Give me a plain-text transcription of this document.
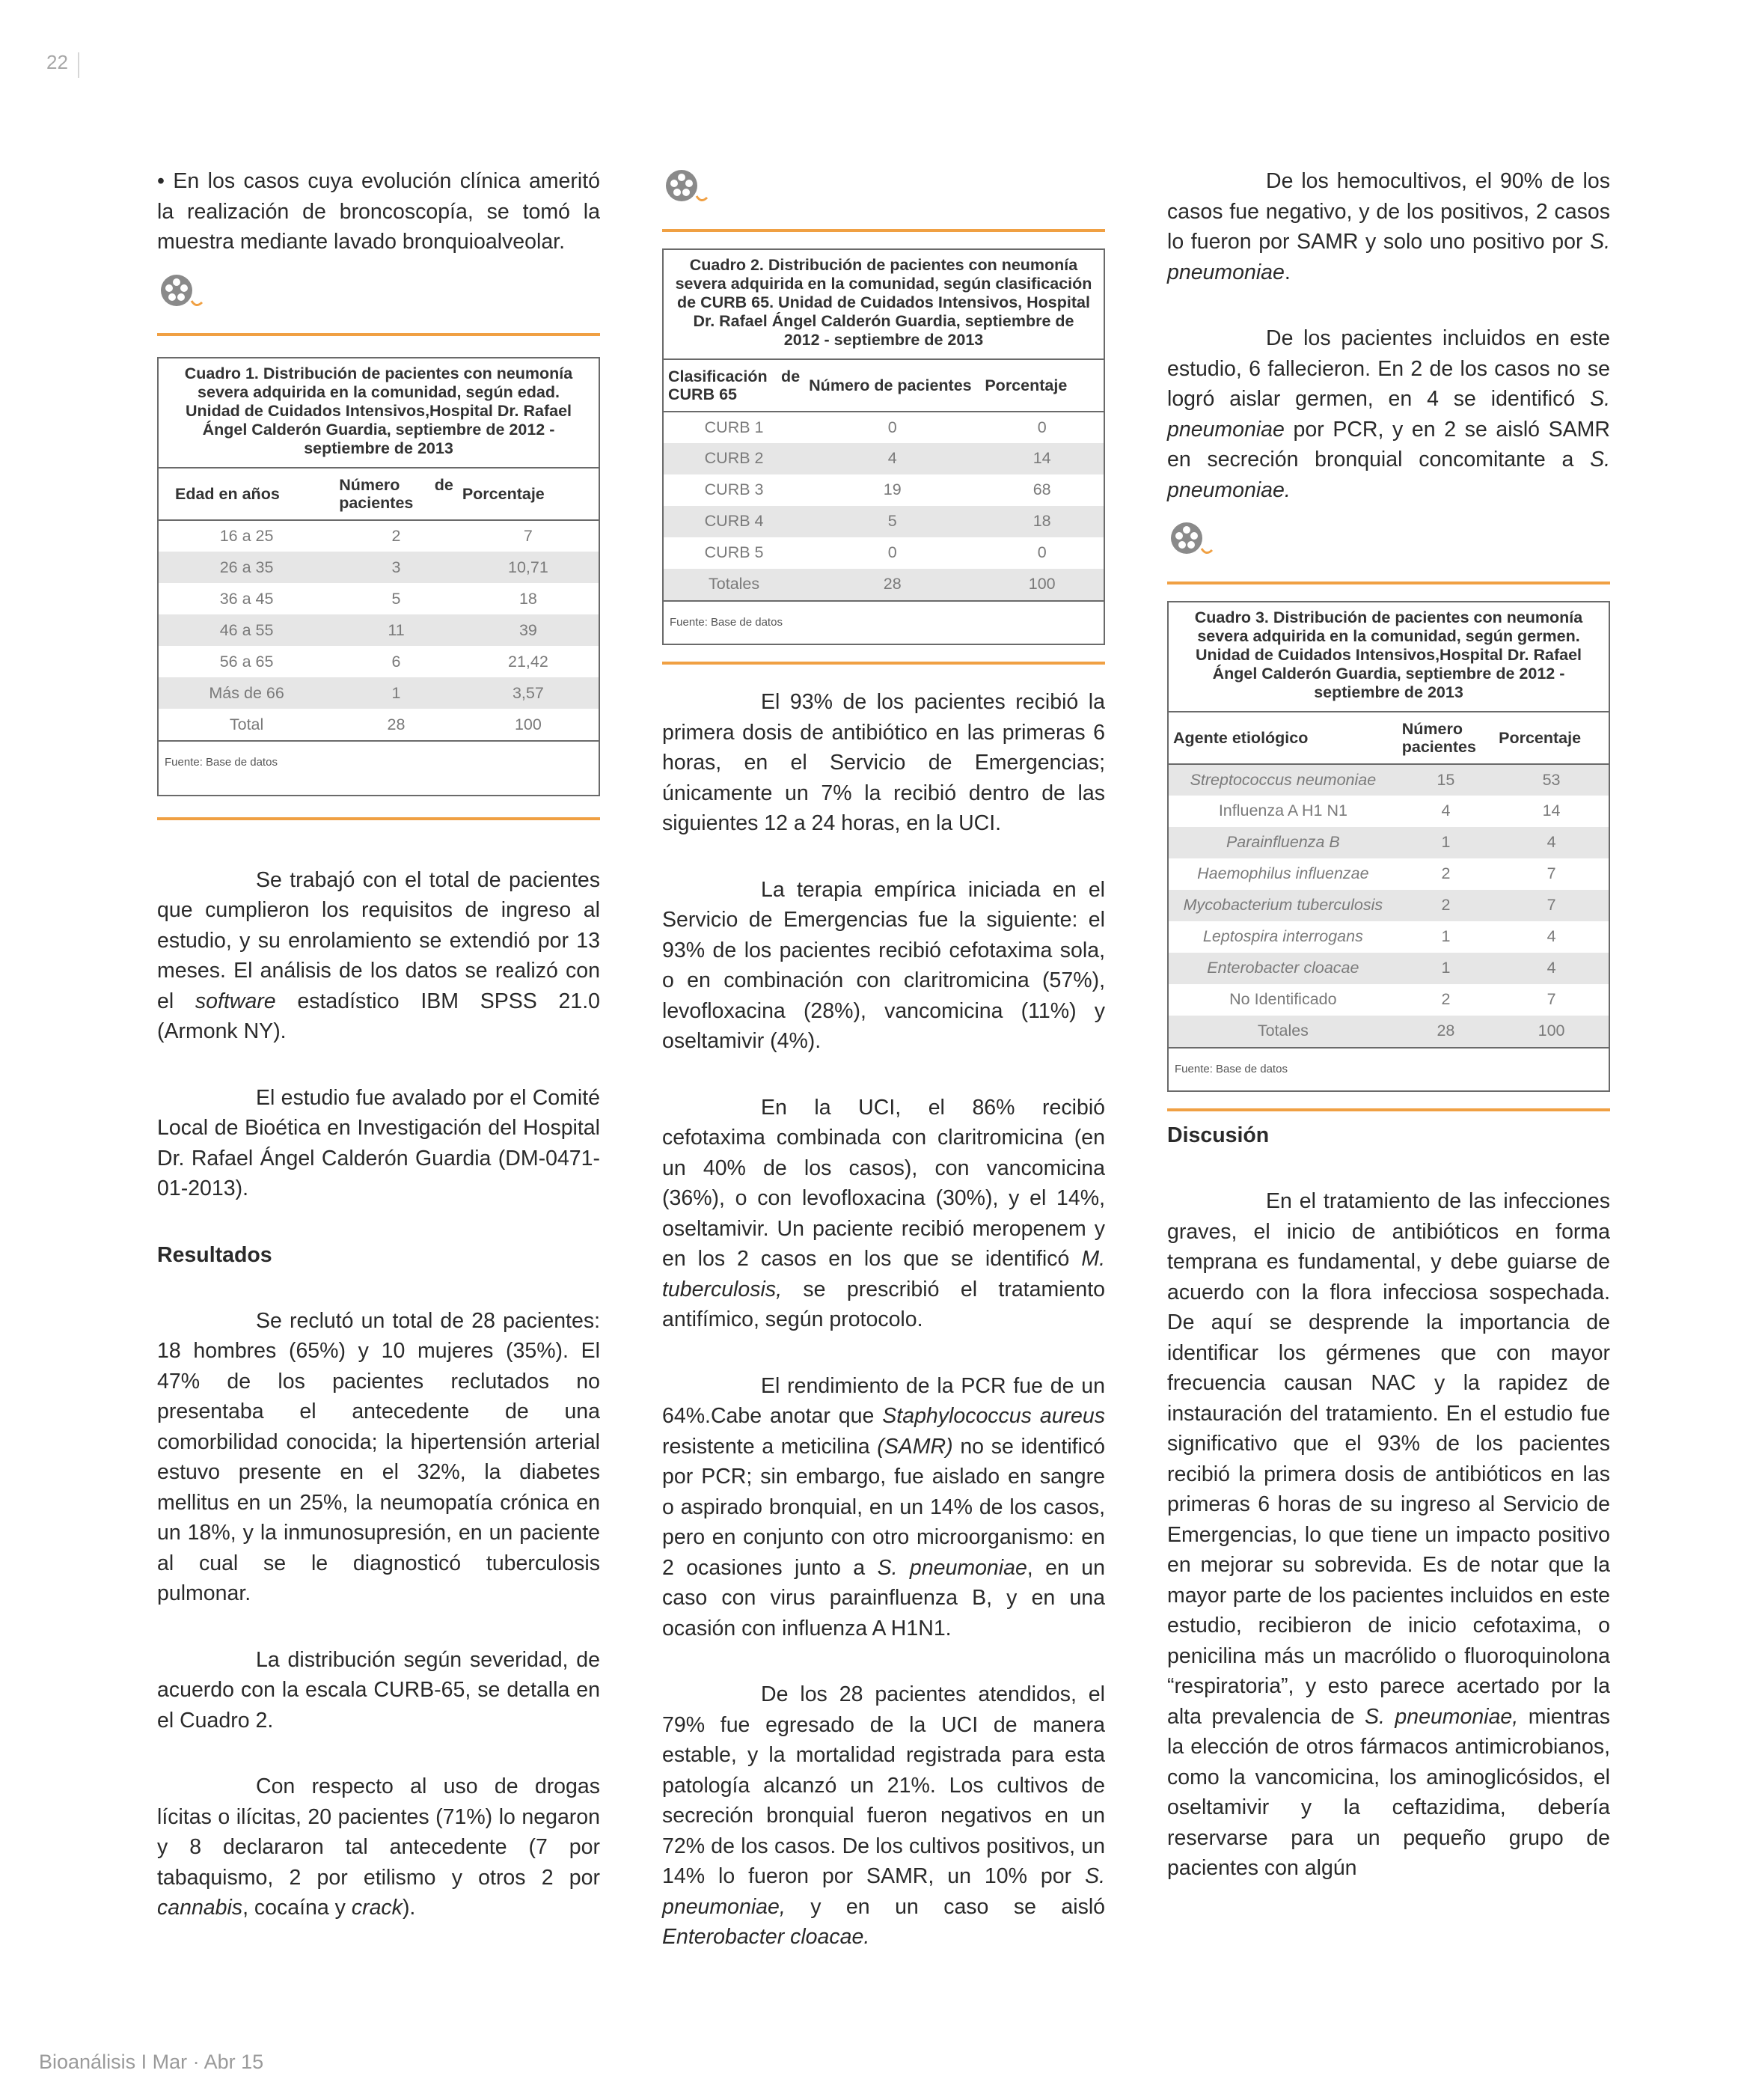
22

• En los casos cuya evolución clínica ameritó la realización de broncoscopía, se tomó la muestra mediante lavado bronquioalveolar.

Cuadro 1. Distribución de pacientes con neumonía severa adquirida en la comunidad, según edad. Unidad de Cuidados Intensivos,Hospital Dr. Rafael Ángel Calderón Guardia, septiembre de 2012 - septiembre de 2013
Edad en años	Número de pacientes	Porcentaje
16 a 25	2	7
26 a 35	3	10,71
36 a 45	5	18
46 a 55	11	39
56 a 65	6	21,42
Más de 66	1	3,57
Total	28	100
Fuente: Base de datos

Se trabajó con el total de pacientes que cumplieron los requisitos de ingreso al estudio, y su enrolamiento se extendió por 13 meses. El análisis de los datos se realizó con el software estadístico IBM SPSS 21.0 (Armonk NY).

El estudio fue avalado por el Comité Local de Bioética en Investigación del Hospital Dr. Rafael Ángel Calderón Guardia (DM-0471-01-2013).

Resultados

Se reclutó un total de 28 pacientes: 18 hombres (65%) y 10 mujeres (35%). El 47% de los pacientes reclutados no presentaba el antecedente de una comorbilidad conocida; la hipertensión arterial estuvo presente en el 32%, la diabetes mellitus en un 25%, la neumopatía crónica en un 18%, y la inmunosupresión, en un paciente al cual se le diagnosticó tuberculosis pulmonar.

La distribución según severidad, de acuerdo con la escala CURB-65, se detalla en el Cuadro 2.

Con respecto al uso de drogas lícitas o ilícitas, 20 pacientes (71%) lo negaron y 8 declararon tal antecedente (7 por tabaquismo, 2 por etilismo y otros 2 por cannabis, cocaína y crack).

Cuadro 2. Distribución de pacientes con neumonía severa adquirida en la comunidad, según clasificación de CURB 65. Unidad de Cuidados Intensivos, Hospital Dr. Rafael Ángel Calderón Guardia, septiembre de 2012 - septiembre de 2013
Clasificación de CURB 65	Número de pacientes	Porcentaje
CURB 1	0	0
CURB 2	4	14
CURB 3	19	68
CURB 4	5	18
CURB 5	0	0
Totales	28	100
Fuente: Base de datos

El 93% de los pacientes recibió la primera dosis de antibiótico en las primeras 6 horas, en el Servicio de Emergencias; únicamente un 7% la recibió dentro de las siguientes 12 a 24 horas, en la UCI.

La terapia empírica iniciada en el Servicio de Emergencias fue la siguiente: el 93% de los pacientes recibió cefotaxima sola, o en combinación con claritromicina (57%), levofloxacina (28%), vancomicina (11%) y oseltamivir (4%).

En la UCI, el 86% recibió cefotaxima combinada con claritromicina (en un 40% de los casos), con vancomicina (36%), o con levofloxacina (30%), y el 14%, oseltamivir. Un paciente recibió meropenem y en los 2 casos en los que se identificó M. tuberculosis, se prescribió el tratamiento antifímico, según protocolo.

El rendimiento de la PCR fue de un 64%.Cabe anotar que Staphylococcus aureus resistente a meticilina (SAMR) no se identificó por PCR; sin embargo, fue aislado en sangre o aspirado bronquial, en un 14% de los casos, pero en conjunto con otro microorganismo: en 2 ocasiones junto a S. pneumoniae, en un caso con virus parainfluenza B, y en una ocasión con influenza A H1N1.

De los 28 pacientes atendidos, el 79% fue egresado de la UCI de manera estable, y la mortalidad registrada para esta patología alcanzó un 21%. Los cultivos de secreción bronquial fueron negativos en un 72% de los casos. De los cultivos positivos, un 14% lo fueron por SAMR, un 10% por S. pneumoniae, y en un caso se aisló Enterobacter cloacae.

De los hemocultivos, el 90% de los casos fue negativo, y de los positivos, 2 casos lo fueron por SAMR y solo uno positivo por S. pneumoniae.

De los pacientes incluidos en este estudio, 6 fallecieron. En 2 de los casos no se logró aislar germen, en 4 se identificó S. pneumoniae por PCR, y en 2 se aisló SAMR en secreción bronquial concomitante a S. pneumoniae.

Cuadro 3. Distribución de pacientes con neumonía severa adquirida en la comunidad, según germen. Unidad de Cuidados Intensivos,Hospital Dr. Rafael Ángel Calderón Guardia, septiembre de 2012 - septiembre de 2013
Agente etiológico	Número pacientes	Porcentaje
Streptococcus neumoniae	15	53
Influenza A H1 N1	4	14
Parainfluenza B	1	4
Haemophilus influenzae	2	7
Mycobacterium tuberculosis	2	7
Leptospira interrogans	1	4
Enterobacter cloacae	1	4
No Identificado	2	7
Totales	28	100
Fuente: Base de datos
Discusión

En el tratamiento de las infecciones graves, el inicio de antibióticos en forma temprana es fundamental, y debe guiarse de acuerdo con la flora infecciosa sospechada. De aquí se desprende la importancia de identificar los gérmenes que con mayor frecuencia causan NAC y la rapidez de instauración del tratamiento. En el estudio fue significativo que el 93% de los pacientes recibió la primera dosis de antibióticos en las primeras 6 horas de su ingreso al Servicio de Emergencias, lo que tiene un impacto positivo en mejorar su sobrevida. Es de notar que la mayor parte de los pacientes incluidos en este estudio, recibieron de inicio cefotaxima, o penicilina más un macrólido o fluoroquinolona “respiratoria”, y esto parece acertado por la alta prevalencia de S. pneumoniae, mientras la elección de otros fármacos antimicrobianos, como la vancomicina, los aminoglicósidos, el oseltamivir y la ceftazidima, debería reservarse para un pequeño grupo de pacientes con algún

Bioanálisis I Mar · Abr 15
